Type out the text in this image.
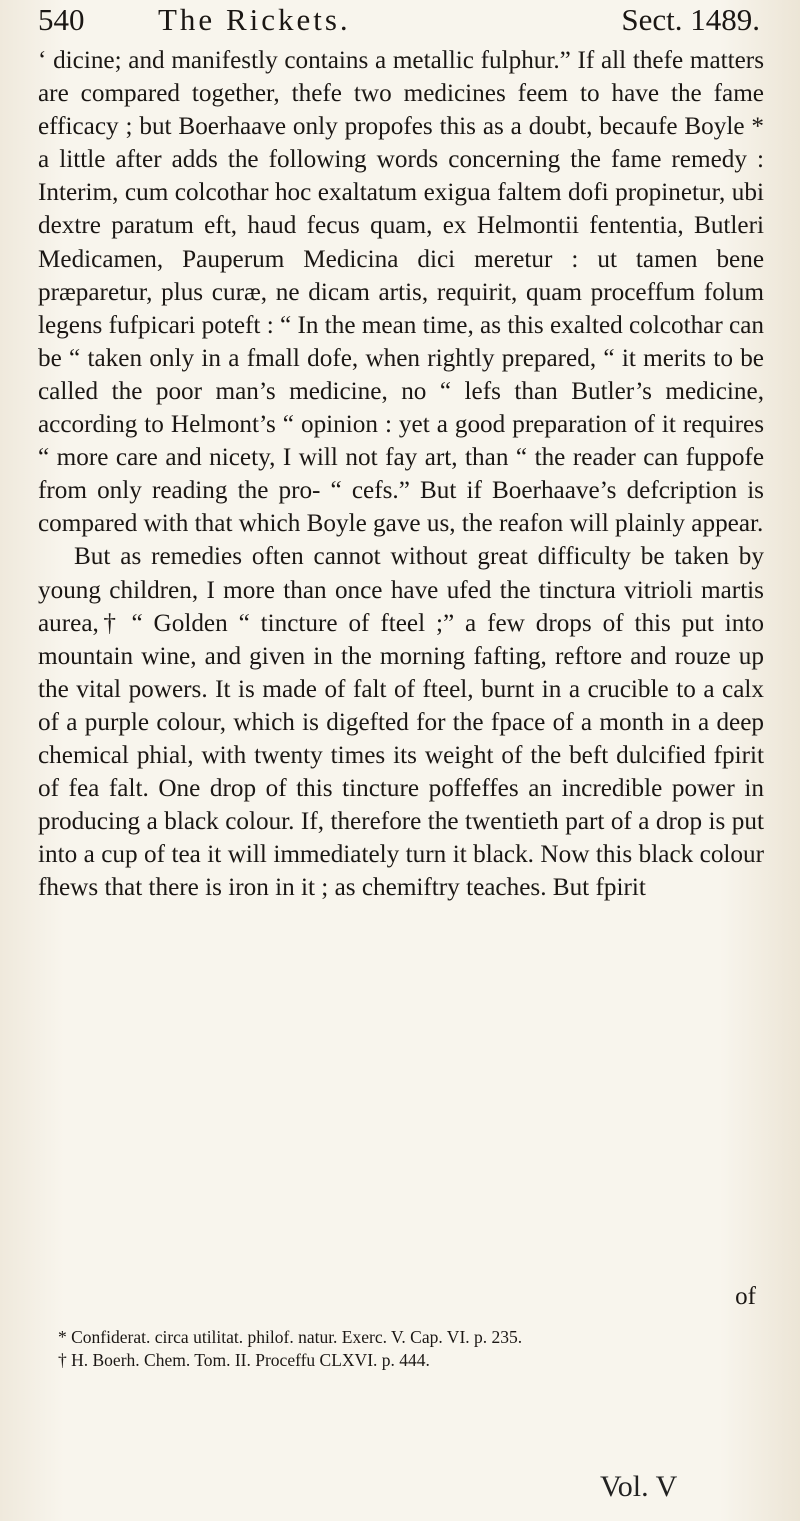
540 The Rickets.	Sect. 1489.

‘ dicine; and manifestly contains a metallic fulphur.” If all thefe matters are compared together, thefe two medicines feem to have the fame efficacy ; but Boerhaave only propofes this as a doubt, becaufe Boyle * a little after adds the following words concerning the fame remedy : Interim, cum colcothar hoc exaltatum exigua faltem dofi propinetur, ubi dextre paratum eft, haud fecus quam, ex Helmontii fententia, Butleri Medicamen, Pauperum Medicina dici meretur : ut tamen bene præparetur, plus curæ, ne dicam artis, requirit, quam proceffum folum legens fufpicari poteft : “ In the mean time, as this exalted colcothar can be “ taken only in a fmall dofe, when rightly prepared, “ it merits to be called the poor man’s medicine, no “ lefs than Butler’s medicine, according to Helmont’s “ opinion : yet a good preparation of it requires “ more care and nicety, I will not fay art, than “ the reader can fuppofe from only reading the pro- “ cefs.” But if Boerhaave’s defcription is compared with that which Boyle gave us, the reafon will plainly appear.

But as remedies often cannot without great difficulty be taken by young children, I more than once have ufed the tinctura vitrioli martis aurea,† “ Golden “ tincture of fteel ;” a few drops of this put into mountain wine, and given in the morning fafting, reftore and rouze up the vital powers. It is made of falt of fteel, burnt in a crucible to a calx of a purple colour, which is digefted for the fpace of a month in a deep chemical phial, with twenty times its weight of the beft dulcified fpirit of fea falt. One drop of this tincture poffeffes an incredible power in producing a black colour. If, therefore the twentieth part of a drop is put into a cup of tea it will immediately turn it black. Now this black colour fhews that there is iron in it ; as chemiftry teaches. But fpirit

of

* Confiderat. circa utilitat. philof. natur. Exerc. V. Cap. VI. p. 235.

† H. Boerh. Chem. Tom. II. Proceffu CLXVI. p. 444.

Vol. V
